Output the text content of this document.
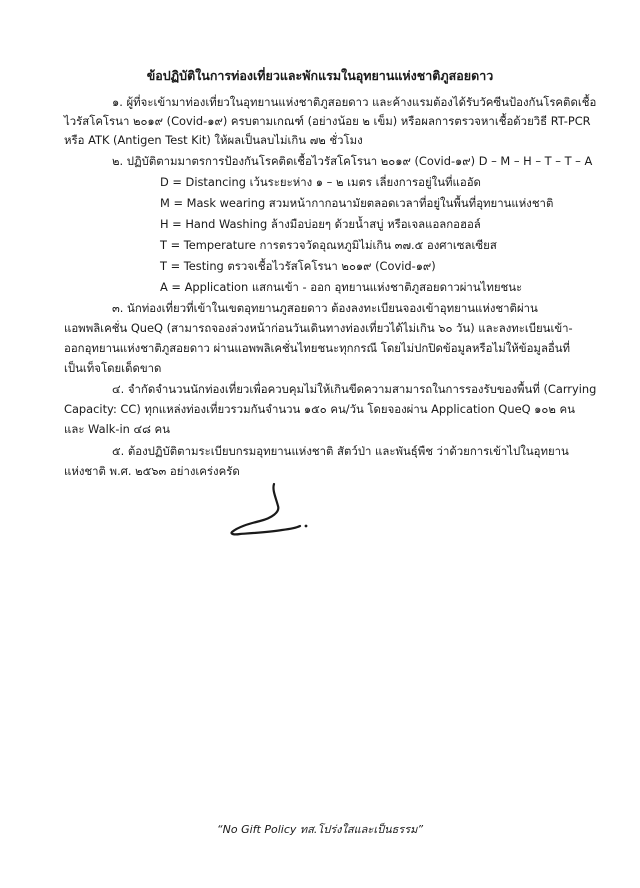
ข้อปฏิบัติในการท่องเที่ยวและพักแรมในอุทยานแห่งชาติภูสอยดาว
๑. ผู้ที่จะเข้ามาท่องเที่ยวในอุทยานแห่งชาติภูสอยดาว และค้างแรมต้องได้รับวัคซีนป้องกันโรคติดเชื้อ
ไวรัสโคโรนา ๒๐๑๙ (Covid-๑๙) ครบตามเกณฑ์ (อย่างน้อย ๒ เข็ม) หรือผลการตรวจหาเชื้อด้วยวิธี RT-PCR
หรือ ATK (Antigen Test Kit) ให้ผลเป็นลบไม่เกิน ๗๒ ชั่วโมง
๒. ปฏิบัติตามมาตรการป้องกันโรคติดเชื้อไวรัสโคโรนา ๒๐๑๙ (Covid-๑๙) D – M – H – T – T – A
D = Distancing เว้นระยะห่าง ๑ – ๒ เมตร เลี่ยงการอยู่ในที่แออัด
M = Mask wearing สวมหน้ากากอนามัยตลอดเวลาที่อยู่ในพื้นที่อุทยานแห่งชาติ
H = Hand Washing ล้างมือบ่อยๆ ด้วยน้ำสบู่ หรือเจลแอลกอฮอล์
T = Temperature การตรวจวัดอุณหภูมิไม่เกิน ๓๗.๕ องศาเซลเซียส
T = Testing ตรวจเชื้อไวรัสโคโรนา ๒๐๑๙ (Covid-๑๙)
A = Application แสกนเข้า - ออก อุทยานแห่งชาติภูสอยดาวผ่านไทยชนะ
๓. นักท่องเที่ยวที่เข้าในเขตอุทยานภูสอยดาว ต้องลงทะเบียนจองเข้าอุทยานแห่งชาติผ่าน
แอพพลิเคชั่น QueQ (สามารถจองล่วงหน้าก่อนวันเดินทางท่องเที่ยวได้ไม่เกิน ๖๐ วัน) และลงทะเบียนเข้า-
ออกอุทยานแห่งชาติภูสอยดาว ผ่านแอพพลิเคชั่นไทยชนะทุกกรณี โดยไม่ปกปิดข้อมูลหรือไม่ให้ข้อมูลอื่นที่
เป็นเท็จโดยเด็ดขาด
๔. จำกัดจำนวนนักท่องเที่ยวเพื่อควบคุมไม่ให้เกินขีดความสามารถในการรองรับของพื้นที่ (Carrying
Capacity: CC) ทุกแหล่งท่องเที่ยวรวมกันจำนวน ๑๕๐ คน/วัน โดยจองผ่าน Application QueQ ๑๐๒ คน
และ Walk-in ๔๘ คน
๕. ต้องปฏิบัติตามระเบียบกรมอุทยานแห่งชาติ สัตว์ป่า และพันธุ์พืช ว่าด้วยการเข้าไปในอุทยาน
แห่งชาติ พ.ศ. ๒๕๖๓ อย่างเคร่งครัด
“No Gift Policy ทส.โปร่งใสและเป็นธรรม”
